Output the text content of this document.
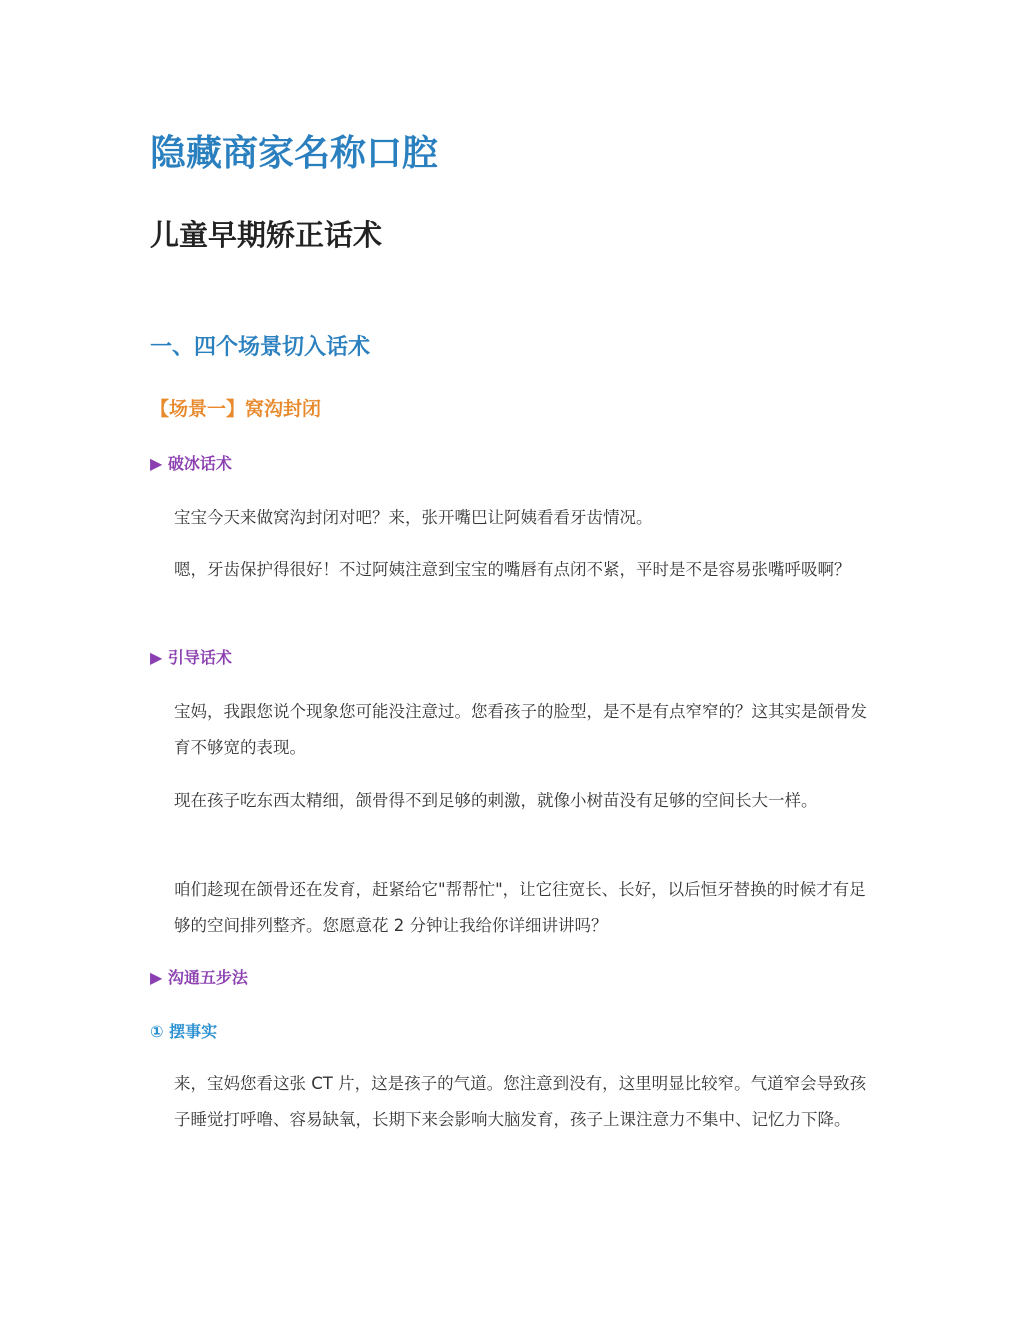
隐藏商家名称口腔
儿童早期矫正话术
一、四个场景切入话术
【场景一】窝沟封闭
▶ 破冰话术

宝宝今天来做窝沟封闭对吧？来，张开嘴巴让阿姨看看牙齿情况。

嗯，牙齿保护得很好！不过阿姨注意到宝宝的嘴唇有点闭不紧，平时是不是容易张嘴呼吸啊？

▶ 引导话术

宝妈，我跟您说个现象您可能没注意过。您看孩子的脸型，是不是有点窄窄的？这其实是颌骨发育不够宽的表现。

现在孩子吃东西太精细，颌骨得不到足够的刺激，就像小树苗没有足够的空间长大一样。

咱们趁现在颌骨还在发育，赶紧给它"帮帮忙"，让它往宽长、长好，以后恒牙替换的时候才有足够的空间排列整齐。您愿意花 2 分钟让我给你详细讲讲吗？

▶ 沟通五步法
① 摆事实

来，宝妈您看这张 CT 片，这是孩子的气道。您注意到没有，这里明显比较窄。气道窄会导致孩子睡觉打呼噜、容易缺氧，长期下来会影响大脑发育，孩子上课注意力不集中、记忆力下降。
